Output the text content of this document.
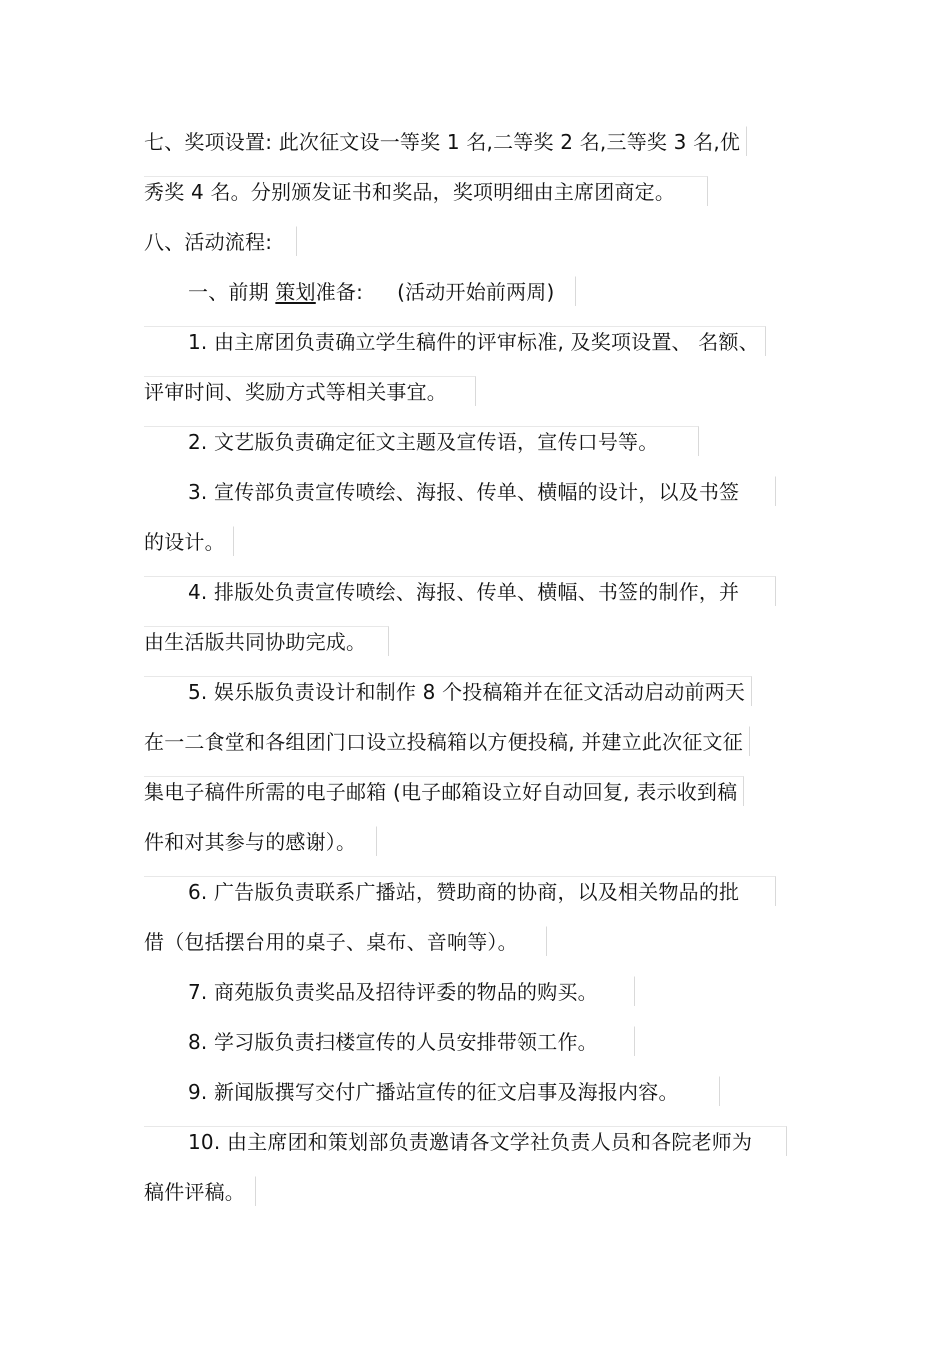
七、奖项设置: 此次征文设一等奖 1 名,二等奖 2 名,三等奖 3 名,优
秀奖 4 名。分别颁发证书和奖品，奖项明细由主席团商定。
八、活动流程:
一、前期 策划准备: (活动开始前两周)
1. 由主席团负责确立学生稿件的评审标准, 及奖项设置、 名额、
评审时间、奖励方式等相关事宜。
2. 文艺版负责确定征文主题及宣传语，宣传口号等。
3. 宣传部负责宣传喷绘、海报、传单、横幅的设计，以及书签
的设计。
4. 排版处负责宣传喷绘、海报、传单、横幅、书签的制作，并
由生活版共同协助完成。
5. 娱乐版负责设计和制作 8 个投稿箱并在征文活动启动前两天
在一二食堂和各组团门口设立投稿箱以方便投稿, 并建立此次征文征
集电子稿件所需的电子邮箱 (电子邮箱设立好自动回复, 表示收到稿
件和对其参与的感谢）。
6. 广告版负责联系广播站，赞助商的协商，以及相关物品的批
借（包括摆台用的桌子、桌布、音响等）。
7. 商苑版负责奖品及招待评委的物品的购买。
8. 学习版负责扫楼宣传的人员安排带领工作。
9. 新闻版撰写交付广播站宣传的征文启事及海报内容。
10. 由主席团和策划部负责邀请各文学社负责人员和各院老师为
稿件评稿。
